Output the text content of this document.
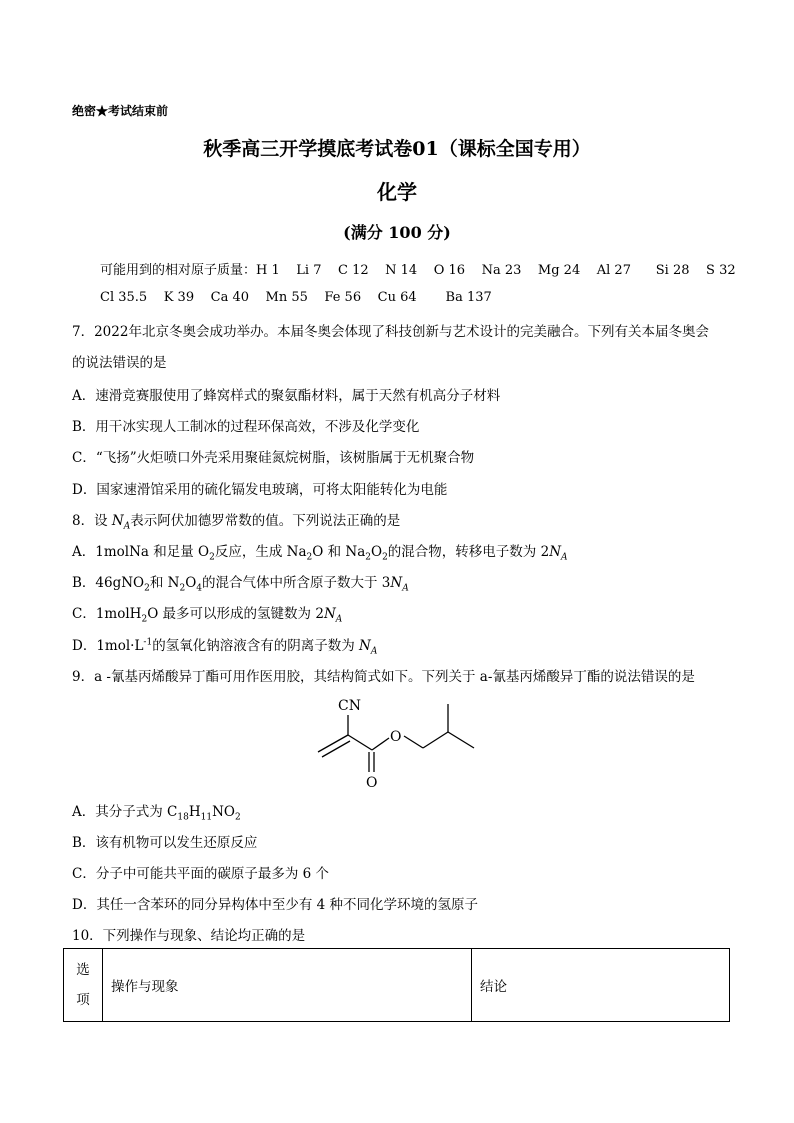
绝密★考试结束前
秋季高三开学摸底考试卷01（课标全国专用）
化学
(满分 100 分)
可能用到的相对原子质量：H 1    Li 7    C 12    N 14    O 16    Na 23    Mg 24    Al 27      Si 28    S 32
Cl 35.5    K 39    Ca 40    Mn 55    Fe 56    Cu 64       Ba 137
7．2022年北京冬奥会成功举办。本届冬奥会体现了科技创新与艺术设计的完美融合。下列有关本届冬奥会
的说法错误的是
A．速滑竞赛服使用了蜂窝样式的聚氨酯材料，属于天然有机高分子材料
B．用干冰实现人工制冰的过程环保高效，不涉及化学变化
C．“飞扬”火炬喷口外壳采用聚硅氮烷树脂，该树脂属于无机聚合物
D．国家速滑馆采用的硫化镉发电玻璃，可将太阳能转化为电能
8．设 $N_A$表示阿伏加德罗常数的值。下列说法正确的是
A．1molNa 和足量 $O_2$反应，生成 $Na_2O$ 和 $Na_2O_2$的混合物，转移电子数为 $2N_A$
B．46gNO$_2$和 $N_2O_4$的混合气体中所含原子数大于 $3N_A$
C．1molH$_2$O 最多可以形成的氢键数为 $2N_A$
D．$1mol\cdot L^{-1}$的氢氧化钠溶液含有的阴离子数为 $N_A$
9．a -氰基丙烯酸异丁酯可用作医用胶，其结构简式如下。下列关于 a-氰基丙烯酸异丁酯的说法错误的是
CN
O
O
A．其分子式为 $C_{18}H_{11}NO_2$
B．该有机物可以发生还原反应
C．分子中可能共平面的碳原子最多为 6 个
D．其任一含苯环的同分异构体中至少有 4 种不同化学环境的氢原子
10．下列操作与现象、结论均正确的是
选
项	操作与现象	结论
